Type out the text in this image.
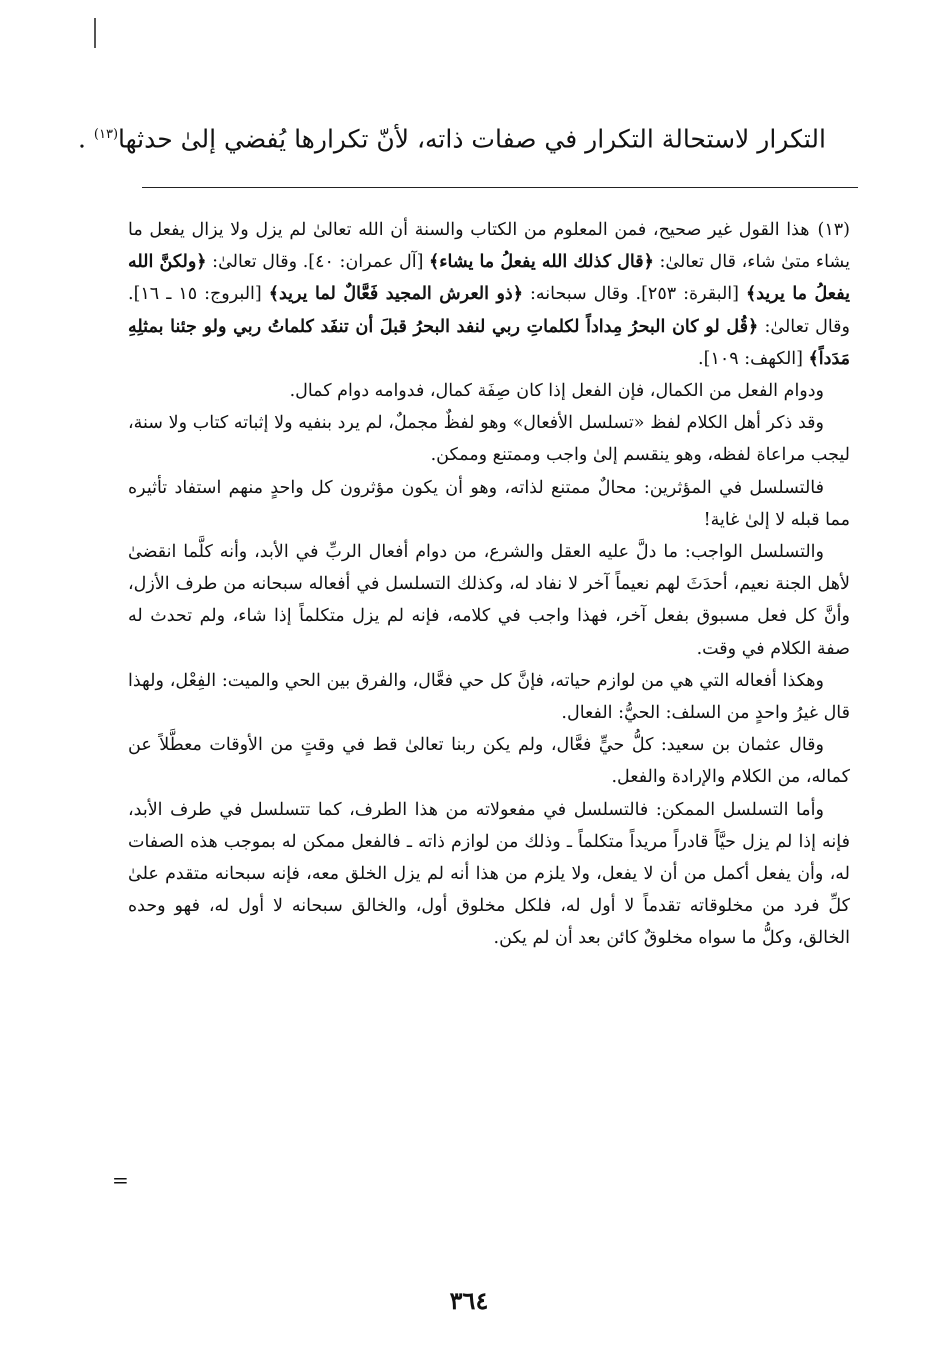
التكرار لاستحالة التكرار في صفات ذاته، لأنّ تكرارها يُفضي إلىٰ حدثها$^{(١٣)}$ .

(١٣)هذا القول غير صحيح، فمن المعلوم من الكتاب والسنة أن الله تعالىٰ لم يزل ولا يزال يفعل ما يشاء متىٰ شاء، قال تعالىٰ: ﴿قال كذلك الله يفعلُ ما يشاء﴾ [آل عمران: ٤٠]. وقال تعالىٰ: ﴿ولكنَّ الله يفعلُ ما يريد﴾ [البقرة: ٢٥٣]. وقال سبحانه: ﴿ذو العرش المجيد فَعَّالٌ لما يريد﴾ [البروج: ١٥ ـ ١٦]. وقال تعالىٰ: ﴿قُل لو كان البحرُ مِداداً لكلماتِ ربي لنفد البحرُ قبلَ أن تنفَد كلماتُ ربي ولو جئنا بمثلِهِ مَدَداً﴾ [الكهف: ١٠٩].

ودوام الفعل من الكمال، فإن الفعل إذا كان صِفَة كمال، فدوامه دوام كمال.

وقد ذكر أهل الكلام لفظ «تسلسل الأفعال» وهو لفظٌ مجملٌ، لم يرد بنفيه ولا إثباته كتاب ولا سنة، ليجب مراعاة لفظه، وهو ينقسم إلىٰ واجب وممتنع وممكن.

فالتسلسل في المؤثرين: محالٌ ممتنع لذاته، وهو أن يكون مؤثرون كل واحدٍ منهم استفاد تأثيره مما قبله لا إلىٰ غاية!

والتسلسل الواجب: ما دلَّ عليه العقل والشرع، من دوام أفعال الربِّ في الأبد، وأنه كلَّما انقضىٰ لأهل الجنة نعيم، أحدَثَ لهم نعيماً آخر لا نفاد له، وكذلك التسلسل في أفعاله سبحانه من طرف الأزل، وأنَّ كل فعل مسبوق بفعل آخر، فهذا واجب في كلامه، فإنه لم يزل متكلماً إذا شاء، ولم تحدث له صفة الكلام في وقت.

وهكذا أفعاله التي هي من لوازم حياته، فإنَّ كل حي فعَّال، والفرق بين الحي والميت: الفِعْل، ولهذا قال غيرُ واحدٍ من السلف: الحيُّ: الفعال.

وقال عثمان بن سعيد: كلُّ حيٍّ فعَّال، ولم يكن ربنا تعالىٰ قط في وقتٍ من الأوقات معطَّلاً عن كماله، من الكلام والإرادة والفعل.

وأما التسلسل الممكن: فالتسلسل في مفعولاته من هذا الطرف، كما تتسلسل في طرف الأبد، فإنه إذا لم يزل حيَّاً قادراً مريداً متكلماً ـ وذلك من لوازم ذاته ـ فالفعل ممكن له بموجب هذه الصفات له، وأن يفعل أكمل من أن لا يفعل، ولا يلزم من هذا أنه لم يزل الخلق معه، فإنه سبحانه متقدم علىٰ كلِّ فرد من مخلوقاته تقدماً لا أول له، فلكل مخلوق أول، والخالق سبحانه لا أول له، فهو وحده الخالق، وكلُّ ما سواه مخلوقٌ كائن بعد أن لم يكن.

=
٣٦٤
